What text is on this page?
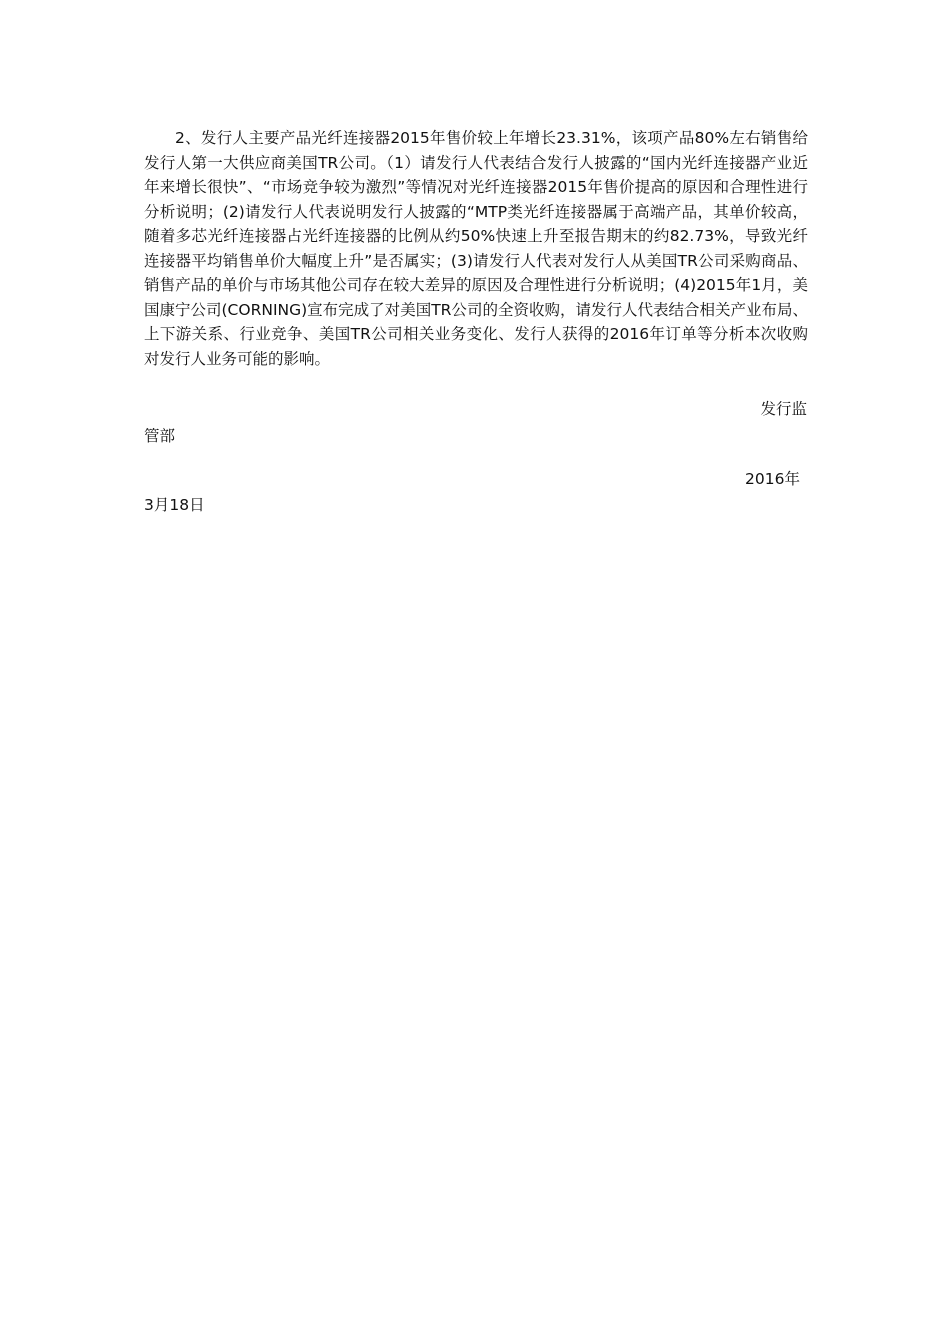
2、发行人主要产品光纤连接器2015年售价较上年增长23.31%，该项产品80%左右销售给发行人第一大供应商美国TR公司。（1）请发行人代表结合发行人披露的“国内光纤连接器产业近年来增长很快”、“市场竞争较为激烈”等情况对光纤连接器2015年售价提高的原因和合理性进行分析说明；(2)请发行人代表说明发行人披露的“MTP类光纤连接器属于高端产品，其单价较高，随着多芯光纤连接器占光纤连接器的比例从约50%快速上升至报告期末的约82.73%，导致光纤连接器平均销售单价大幅度上升”是否属实；(3)请发行人代表对发行人从美国TR公司采购商品、销售产品的单价与市场其他公司存在较大差异的原因及合理性进行分析说明；(4)2015年1月，美国康宁公司(CORNING)宣布完成了对美国TR公司的全资收购，请发行人代表结合相关产业布局、上下游关系、行业竞争、美国TR公司相关业务变化、发行人获得的2016年订单等分析本次收购对发行人业务可能的影响。

发行监

管部

2016年

3月18日
